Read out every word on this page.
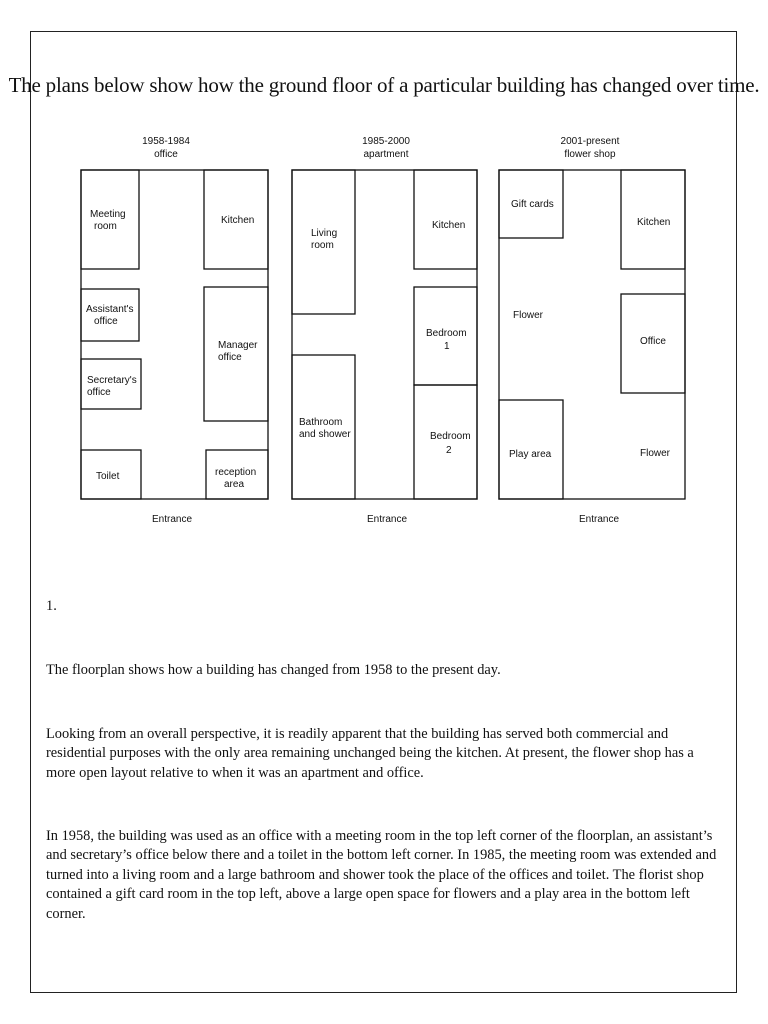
The plans below show how the ground floor of a particular building has changed over time.
1958-1984
office
Meeting room
Kitchen
Assistant's office
Manager office
Secretary's office
Toilet	reception area
Entrance
1985-2000
apartment
Living room
Kitchen
Bedroom 1
Bathroom and shower	Bedroom 2
Entrance
2001-present
flower shop
Gift cards
Kitchen
Flower
Office
Play area	Flower
Entrance
1.
The floorplan shows how a building has changed from 1958 to the present day.
Looking from an overall perspective, it is readily apparent that the building has served both commercial and residential purposes with the only area remaining unchanged being the kitchen. At present, the flower shop has a more open layout relative to when it was an apartment and office.
In 1958, the building was used as an office with a meeting room in the top left corner of the floorplan, an assistant’s and secretary’s office below there and a toilet in the bottom left corner. In 1985, the meeting room was extended and turned into a living room and a large bathroom and shower took the place of the offices and toilet. The florist shop contained a gift card room in the top left, above a large open space for flowers and a play area in the bottom left corner.
